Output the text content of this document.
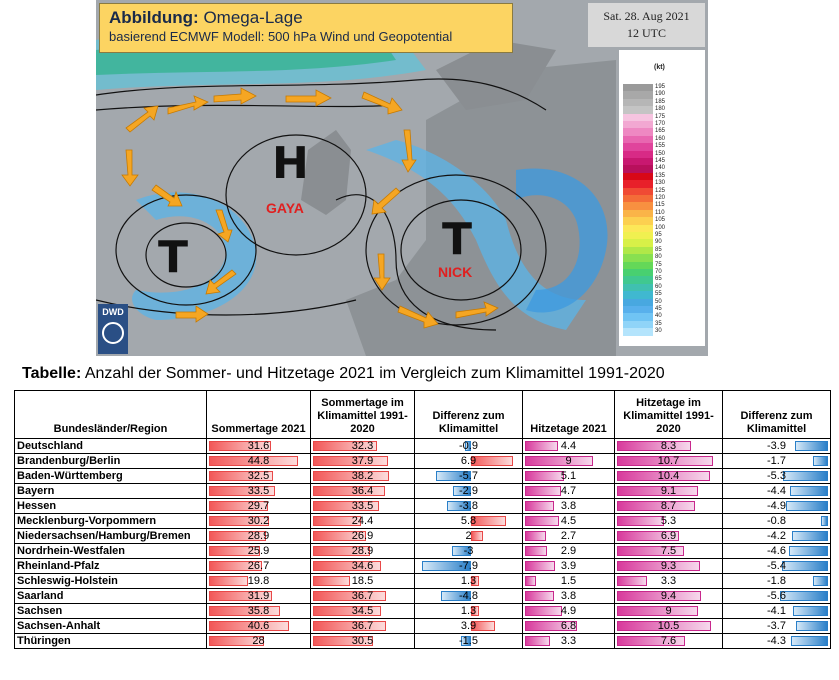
Abbildung: Omega-Lage
basierend ECMWF Modell: 500 hPa Wind und Geopotential
Sat. 28. Aug 2021
12 UTC
(kt)
195
190
185
180
175
170
165
160
155
150
145
140
135
130
125
120
115
110
105
100
95
90
85
80
75
70
65
60
55
50
45
40
35
30
H
GAYA
T
NICK
T
DWD
Tabelle: Anzahl der Sommer- und Hitzetage 2021 im Vergleich zum Klimamittel 1991-2020
Bundesländer/Region	Sommertage 2021	Sommertage im Klimamittel 1991-2020	Differenz zum Klimamittel	Hitzetage 2021	Hitzetage im Klimamittel 1991-2020	Differenz zum Klimamittel
Deutschland	31.6	32.3	-0.9	4.4	8.3	-3.9
Brandenburg/Berlin	44.8	37.9	6.9	9	10.7	-1.7
Baden-Württemberg	32.5	38.2	-5.7	5.1	10.4	-5.3
Bayern	33.5	36.4	-2.9	4.7	9.1	-4.4
Hessen	29.7	33.5	-3.8	3.8	8.7	-4.9
Mecklenburg-Vorpommern	30.2	24.4	5.8	4.5	5.3	-0.8
Niedersachsen/Hamburg/Bremen	28.9	26.9	2	2.7	6.9	-4.2
Nordrhein-Westfalen	25.9	28.9	-3	2.9	7.5	-4.6
Rheinland-Pfalz	26.7	34.6	-7.9	3.9	9.3	-5.4
Schleswig-Holstein	19.8	18.5	1.3	1.5	3.3	-1.8
Saarland	31.9	36.7	-4.8	3.8	9.4	-5.6
Sachsen	35.8	34.5	1.3	4.9	9	-4.1
Sachsen-Anhalt	40.6	36.7	3.9	6.8	10.5	-3.7
Thüringen	28	30.5	-1.5	3.3	7.6	-4.3
